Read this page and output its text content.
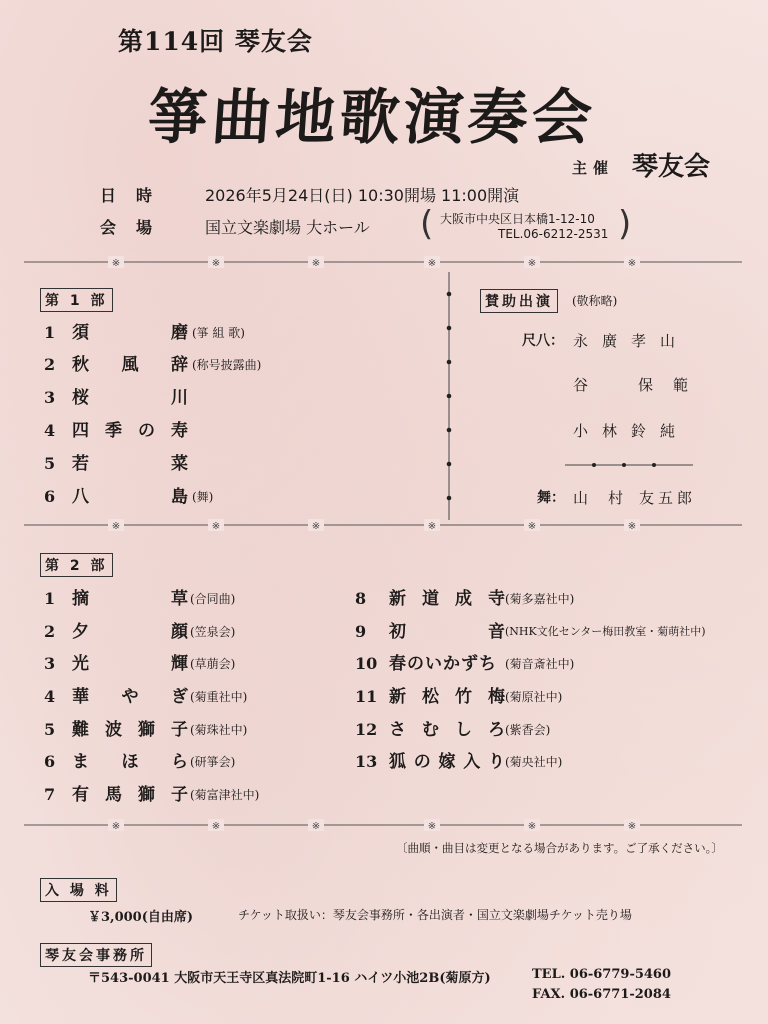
第114回 琴友会
箏曲地歌演奏会
主催 琴友会
日時 2026年5月24日(日) 10:30開場 11:00開演
会場 国立文楽劇場 大ホール ( 大阪市中央区日本橋1-12-10
TEL.06-6212-2531 )
※	※	※	※	※	※
第 1 部
1 須	磨 (箏 組 歌)
2 秋 風 辞 (称号披露曲)
3 桜	川
4 四 季 の 寿
5 若	菜
6 八	島 (舞)
賛助出演	(敬称略)
尺八： 永廣孝山
谷	保 範
小林鈴純
舞： 山 村 友五郎
※	※	※	※	※	※
第 2 部
1 摘	草 (合同曲)
2 夕	顔 (笠泉会)
3 光	輝 (草萠会)
4 華 や ぎ (菊重社中)
5 難 波 獅 子 (菊珠社中)
6 ま ほ ら (研箏会)
7 有 馬 獅 子 (菊富津社中)
8	新 道 成 寺 (菊多嘉社中)
9	初	音 (NHK文化センター梅田教室・菊萌社中)
10 春のいかずち (菊音斎社中)
11 新 松 竹 梅 (菊原社中)
12 さ む し ろ (紫香会)
13 狐 の 嫁 入 り (菊央社中)
※	※	※	※	※	※
〔曲順・曲目は変更となる場合があります。ご了承ください。〕
入 場 料
￥3,000(自由席)	チケット取扱い：琴友会事務所・各出演者・国立文楽劇場チケット売り場
琴友会事務所
〒543-0041 大阪市天王寺区真法院町1-16 ハイツ小池2B(菊原方)	TEL. 06-6779-5460
FAX. 06-6771-2084
